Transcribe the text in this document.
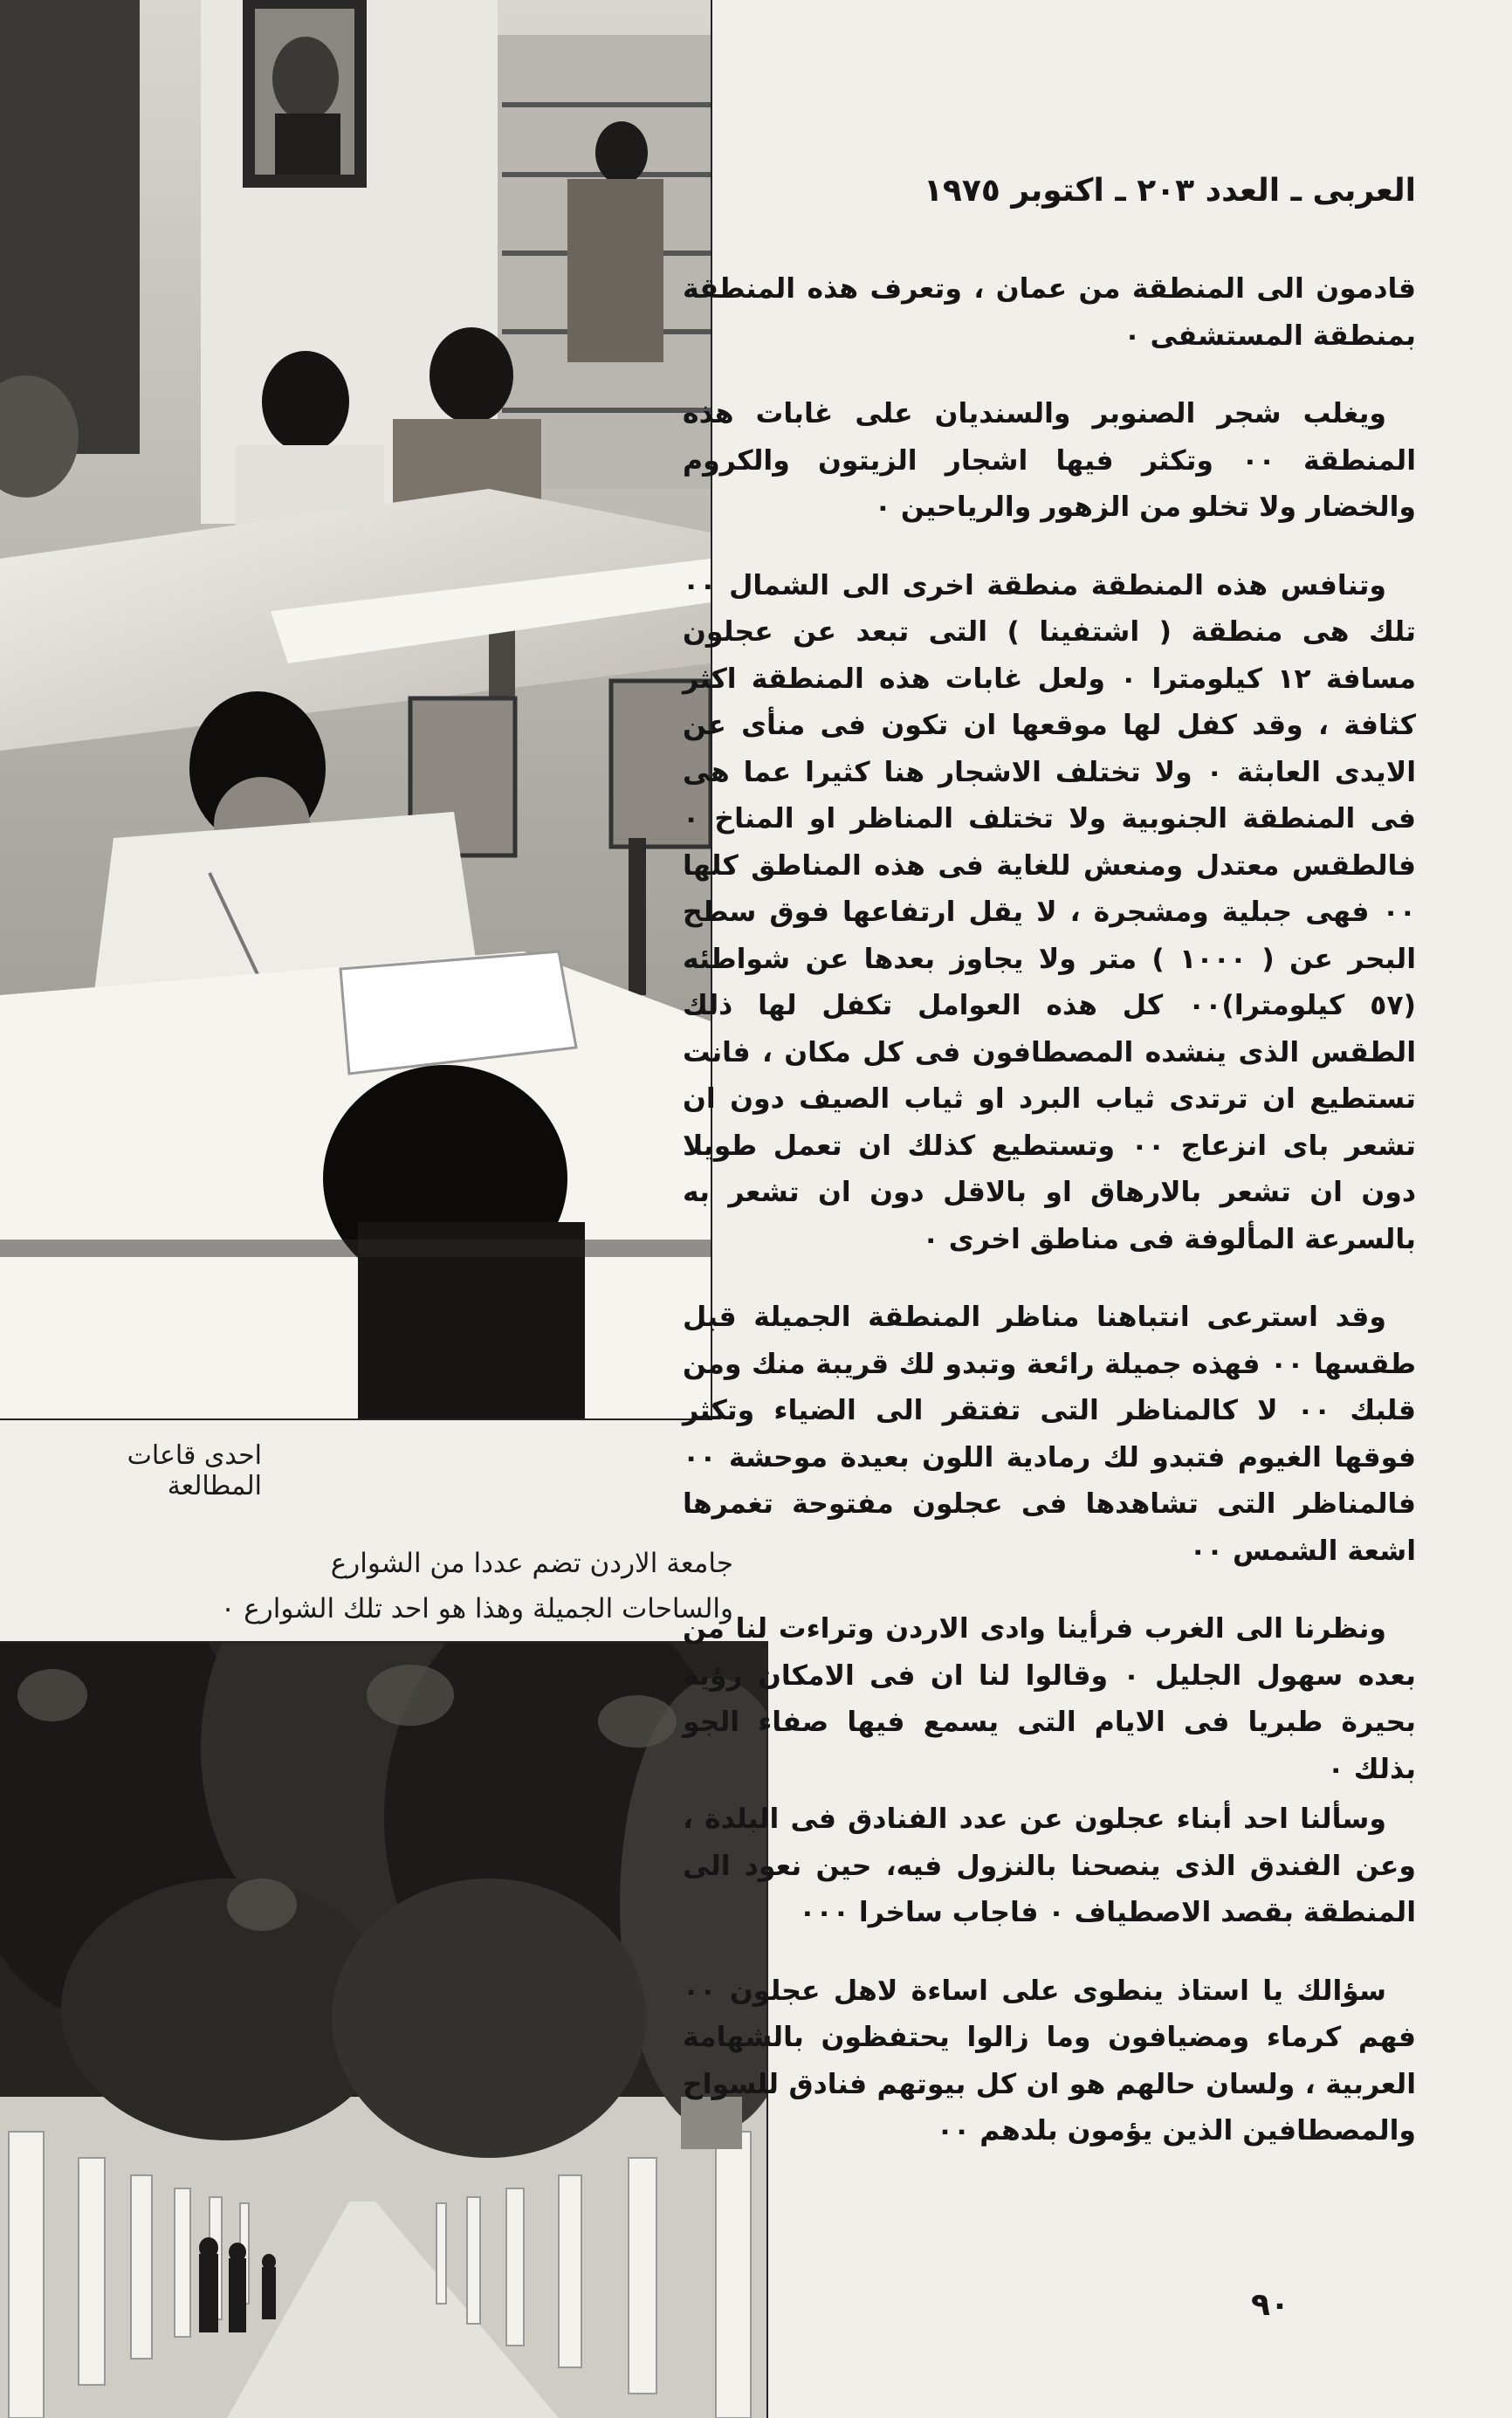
احدى قاعات المطالعة
جامعة الاردن تضم عددا من الشوارع
والساحات الجميلة وهذا هو احد تلك الشوارع ٠
العربى ـ العدد ٢٠٣ ـ اكتوبر ١٩٧٥

قادمون الى المنطقة من عمان ، وتعرف هذه المنطقة بمنطقة المستشفى ٠

ويغلب شجر الصنوبر والسنديان على غابات هذه المنطقة ٠٠ وتكثر فيها اشجار الزيتون والكروم والخضار ولا تخلو من الزهور والرياحين ٠

وتنافس هذه المنطقة منطقة اخرى الى الشمال ٠٠ تلك هى منطقة ( اشتفينا ) التى تبعد عن عجلون مسافة ١٢ كيلومترا ٠ ولعل غابات هذه المنطقة اكثر كثافة ، وقد كفل لها موقعها ان تكون فى منأى عن الايدى العابثة ٠ ولا تختلف الاشجار هنا كثيرا عما هى فى المنطقة الجنوبية ولا تختلف المناظر او المناخ ٠ فالطقس معتدل ومنعش للغاية فى هذه المناطق كلها ٠٠ فهى جبلية ومشجرة ، لا يقل ارتفاعها فوق سطح البحر عن ( ١٠٠٠ ) متر ولا يجاوز بعدها عن شواطئه (٥٧ كيلومترا)٠٠ كل هذه العوامل تكفل لها ذلك الطقس الذى ينشده المصطافون فى كل مكان ، فانت تستطيع ان ترتدى ثياب البرد او ثياب الصيف دون ان تشعر باى انزعاج ٠٠ وتستطيع كذلك ان تعمل طويلا دون ان تشعر بالارهاق او بالاقل دون ان تشعر به بالسرعة المألوفة فى مناطق اخرى ٠

وقد استرعى انتباهنا مناظر المنطقة الجميلة قبل طقسها ٠٠ فهذه جميلة رائعة وتبدو لك قريبة منك ومن قلبك ٠٠ لا كالمناظر التى تفتقر الى الضياء وتكثر فوقها الغيوم فتبدو لك رمادية اللون بعيدة موحشة ٠٠ فالمناظر التى تشاهدها فى عجلون مفتوحة تغمرها اشعة الشمس ٠٠

ونظرنا الى الغرب فرأينا وادى الاردن وتراءت لنا من بعده سهول الجليل ٠ وقالوا لنا ان فى الامكان رؤية بحيرة طبريا فى الايام التى يسمع فيها صفاء الجو بذلك ٠

وسألنا احد أبناء عجلون عن عدد الفنادق فى البلدة ، وعن الفندق الذى ينصحنا بالنزول فيه، حين نعود الى المنطقة بقصد الاصطياف ٠ فاجاب ساخرا ٠٠٠

سؤالك يا استاذ ينطوى على اساءة لاهل عجلون ٠٠ فهم كرماء ومضيافون وما زالوا يحتفظون بالشهامة العربية ، ولسان حالهم هو ان كل بيوتهم فنادق للسواح والمصطافين الذين يؤمون بلدهم ٠٠

٩٠
